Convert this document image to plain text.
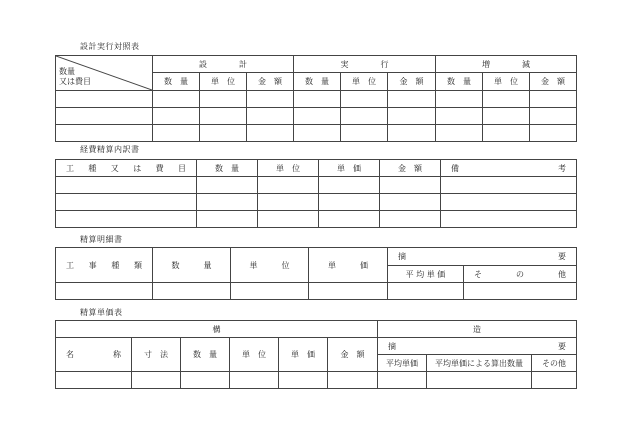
設計実行対照表
数量
又は費目	設　　　　計			実　　　　行			増　　　　減		
	数　量	単　位	金　額	数　量	単　位	金　額	数　量	単　位	金　額

経費精算内訳書
工　種　又　は　費　目	数　量	単　位	単　価	金　額	備　　　　　　　　考

精算明細書
工　事　種　類	数　　　量	単　　　位	単　　　価	摘　　　　　　　要	
				平 均 単 価	そ　　の　　他

精算単価表
構						造		
名　　　　称	寸　法	数　量	単　位	単　価	金　額	摘　　　　　　　要		
						平均単価	平均単価による算出数量	その他
